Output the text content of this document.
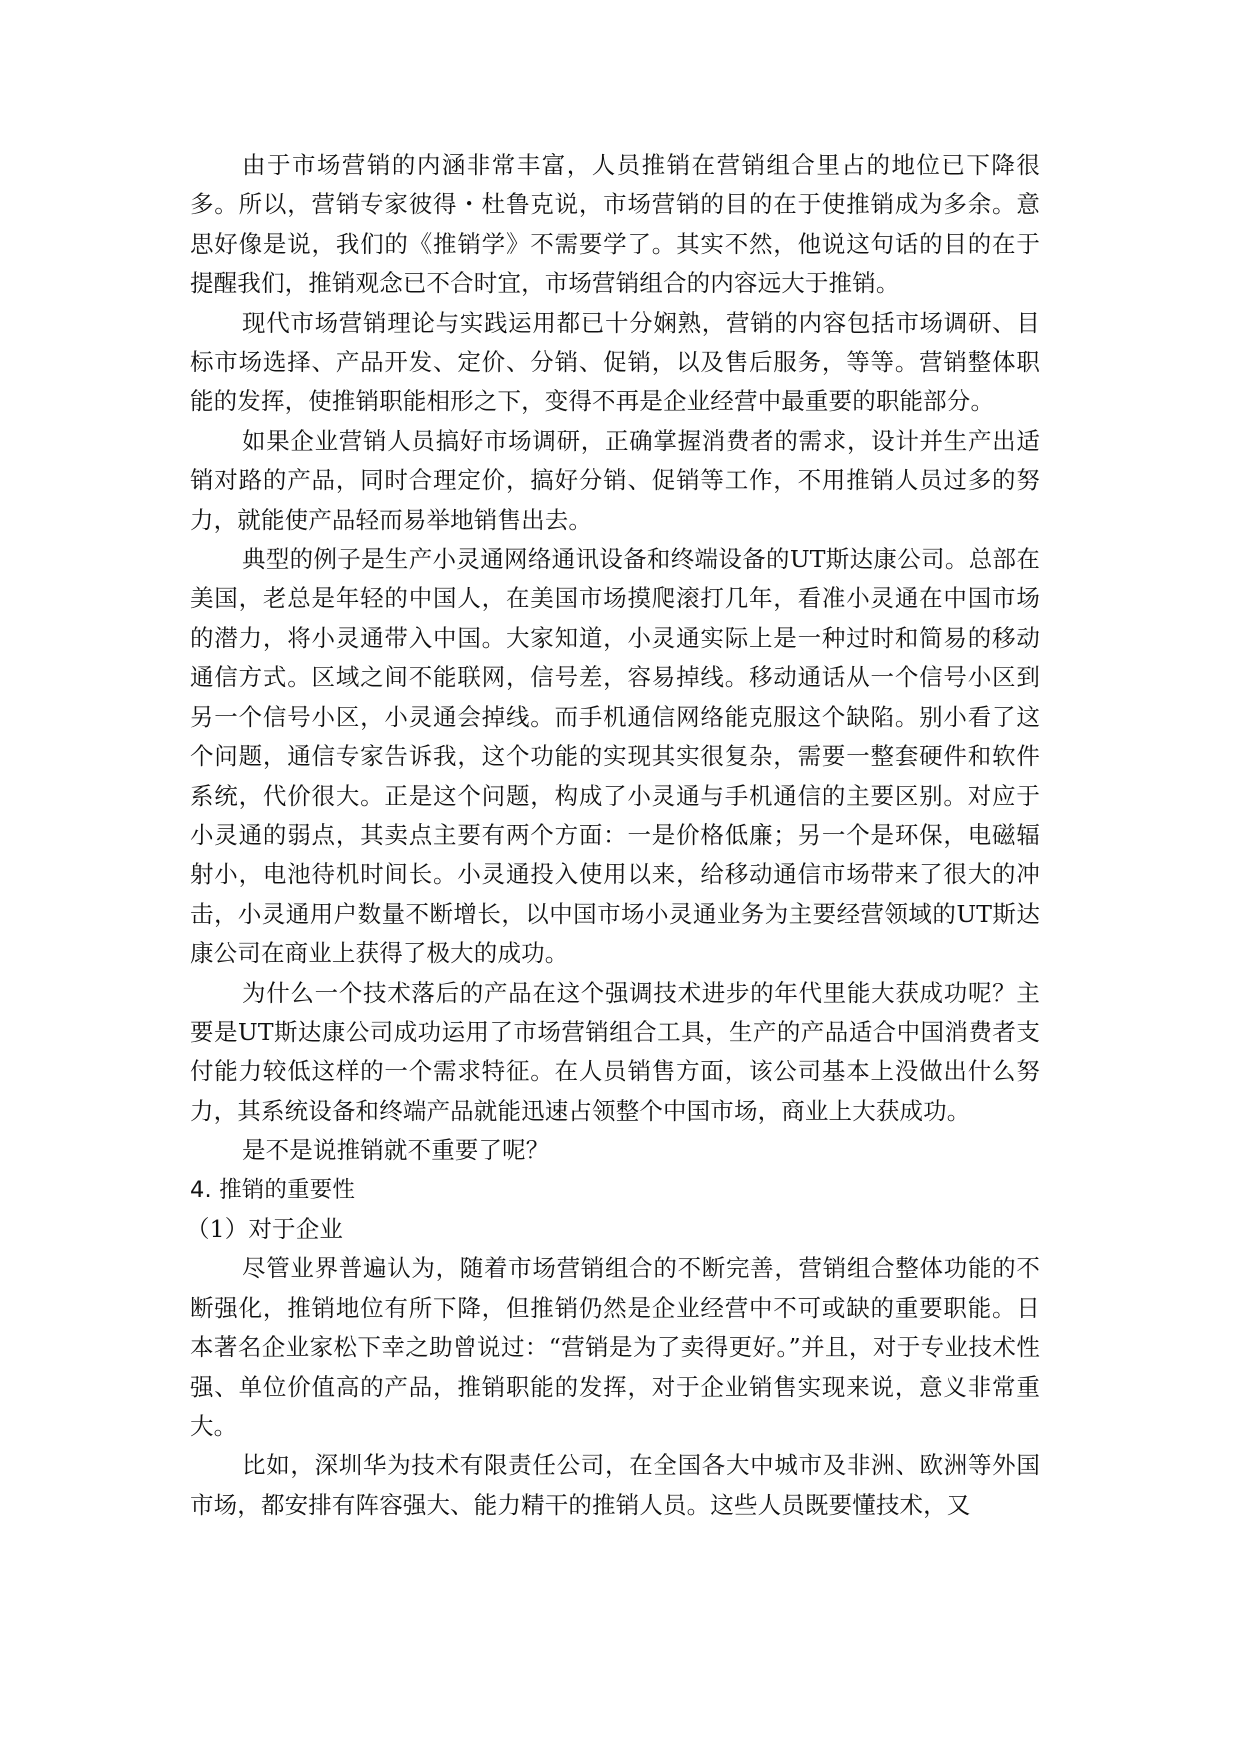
由于市场营销的内涵非常丰富，人员推销在营销组合里占的地位已下降很多。所以，营销专家彼得・杜鲁克说，市场营销的目的在于使推销成为多余。意思好像是说，我们的《推销学》不需要学了。其实不然，他说这句话的目的在于提醒我们，推销观念已不合时宜，市场营销组合的内容远大于推销。

现代市场营销理论与实践运用都已十分娴熟，营销的内容包括市场调研、目标市场选择、产品开发、定价、分销、促销，以及售后服务，等等。营销整体职能的发挥，使推销职能相形之下，变得不再是企业经营中最重要的职能部分。

如果企业营销人员搞好市场调研，正确掌握消费者的需求，设计并生产出适销对路的产品，同时合理定价，搞好分销、促销等工作，不用推销人员过多的努力，就能使产品轻而易举地销售出去。

典型的例子是生产小灵通网络通讯设备和终端设备的UT斯达康公司。总部在美国，老总是年轻的中国人，在美国市场摸爬滚打几年，看准小灵通在中国市场的潜力，将小灵通带入中国。大家知道，小灵通实际上是一种过时和简易的移动通信方式。区域之间不能联网，信号差，容易掉线。移动通话从一个信号小区到另一个信号小区，小灵通会掉线。而手机通信网络能克服这个缺陷。别小看了这个问题，通信专家告诉我，这个功能的实现其实很复杂，需要一整套硬件和软件系统，代价很大。正是这个问题，构成了小灵通与手机通信的主要区别。对应于小灵通的弱点，其卖点主要有两个方面：一是价格低廉；另一个是环保，电磁辐射小，电池待机时间长。小灵通投入使用以来，给移动通信市场带来了很大的冲击，小灵通用户数量不断增长，以中国市场小灵通业务为主要经营领域的UT斯达康公司在商业上获得了极大的成功。

为什么一个技术落后的产品在这个强调技术进步的年代里能大获成功呢？主要是UT斯达康公司成功运用了市场营销组合工具，生产的产品适合中国消费者支付能力较低这样的一个需求特征。在人员销售方面，该公司基本上没做出什么努力，其系统设备和终端产品就能迅速占领整个中国市场，商业上大获成功。

是不是说推销就不重要了呢？

4. 推销的重要性
（1）对于企业

尽管业界普遍认为，随着市场营销组合的不断完善，营销组合整体功能的不断强化，推销地位有所下降，但推销仍然是企业经营中不可或缺的重要职能。日本著名企业家松下幸之助曾说过：“营销是为了卖得更好。”并且，对于专业技术性强、单位价值高的产品，推销职能的发挥，对于企业销售实现来说，意义非常重大。

比如，深圳华为技术有限责任公司，在全国各大中城市及非洲、欧洲等外国市场，都安排有阵容强大、能力精干的推销人员。这些人员既要懂技术，又
